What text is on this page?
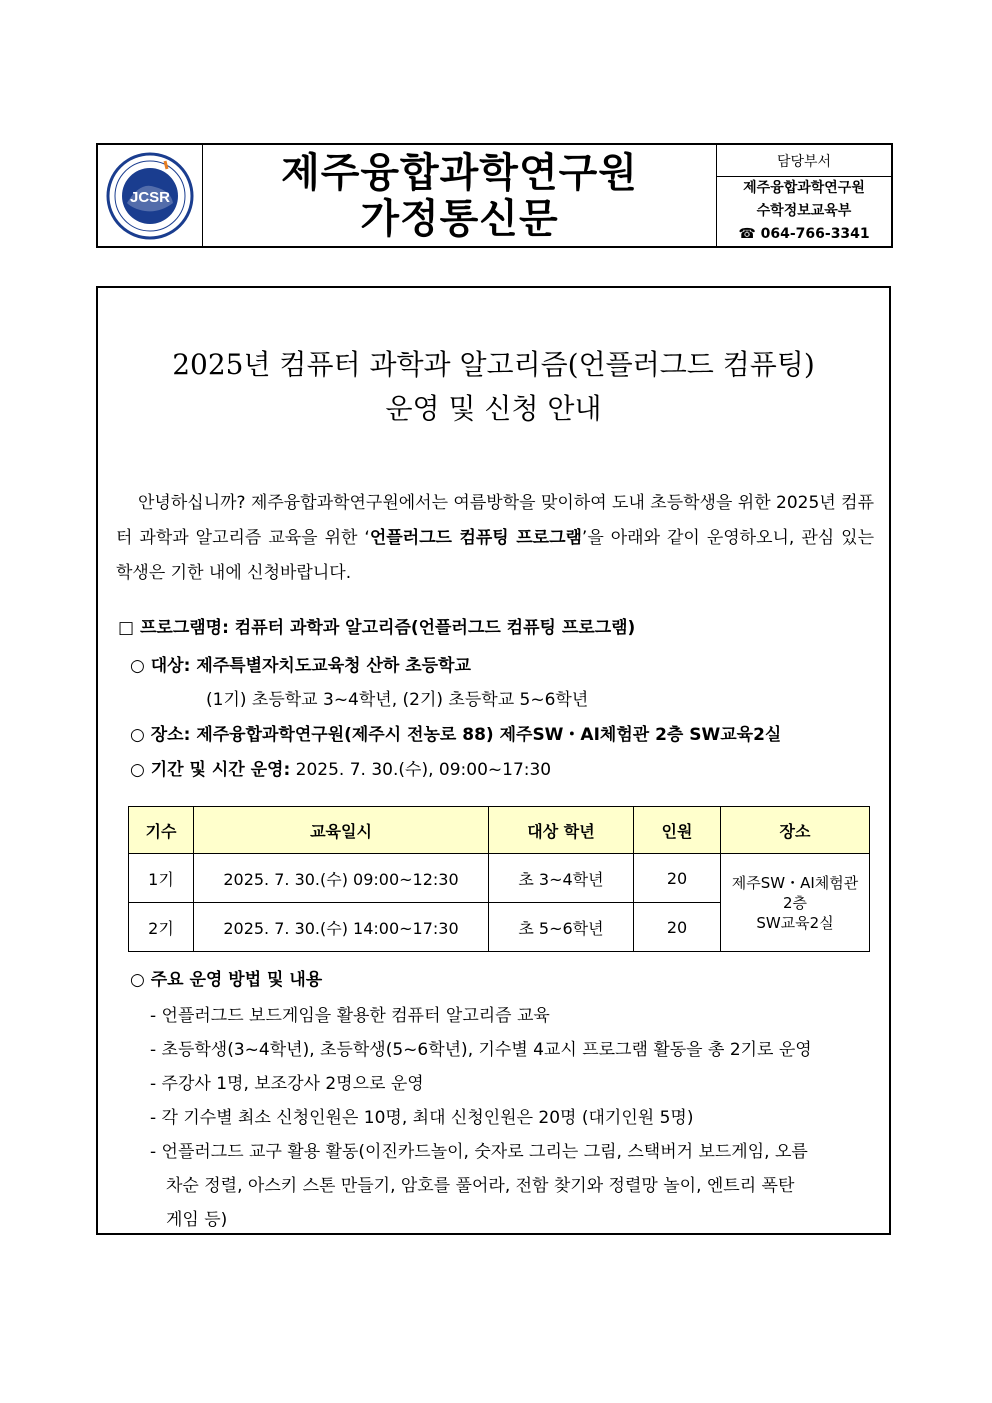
JCSR
제주융합과학연구원
가정통신문
담당부서
제주융합과학연구원
수학정보교육부
☎ 064-766-3341
2025년 컴퓨터 과학과 알고리즘(언플러그드 컴퓨팅)
운영 및 신청 안내
안녕하십니까? 제주융합과학연구원에서는 여름방학을 맞이하여 도내 초등학생을 위한 2025년 컴퓨터 과학과 알고리즘 교육을 위한 ‘언플러그드 컴퓨팅 프로그램’을 아래와 같이 운영하오니, 관심 있는 학생은 기한 내에 신청바랍니다.
□ 프로그램명: 컴퓨터 과학과 알고리즘(언플러그드 컴퓨팅 프로그램)
○ 대상: 제주특별자치도교육청 산하 초등학교
(1기) 초등학교 3~4학년, (2기) 초등학교 5~6학년
○ 장소: 제주융합과학연구원(제주시 전농로 88) 제주SW・AI체험관 2층 SW교육2실
○ 기간 및 시간 운영: 2025. 7. 30.(수), 09:00~17:30
기수	교육일시	대상 학년	인원	장소
1기	2025. 7. 30.(수) 09:00~12:30	초 3~4학년	20	제주SW・AI체험관
2층
SW교육2실

2기	2025. 7. 30.(수) 14:00~17:30	초 5~6학년	20	
○ 주요 운영 방법 및 내용
- 언플러그드 보드게임을 활용한 컴퓨터 알고리즘 교육
- 초등학생(3~4학년), 초등학생(5~6학년), 기수별 4교시 프로그램 활동을 총 2기로 운영
- 주강사 1명, 보조강사 2명으로 운영
- 각 기수별 최소 신청인원은 10명, 최대 신청인원은 20명 (대기인원 5명)
- 언플러그드 교구 활용 활동(이진카드놀이, 숫자로 그리는 그림, 스택버거 보드게임, 오름
차순 정렬, 아스키 스톤 만들기, 암호를 풀어라, 전함 찾기와 정렬망 놀이, 엔트리 폭탄
게임 등)
